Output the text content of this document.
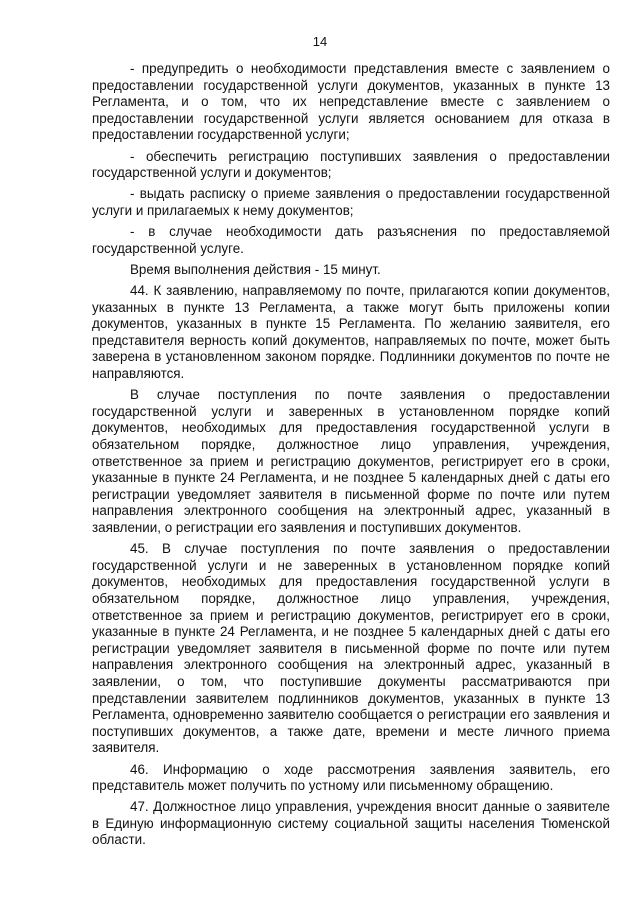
14

- предупредить о необходимости представления вместе с заявлением о предоставлении государственной услуги документов, указанных в пункте 13 Регламента, и о том, что их непредставление вместе с заявлением о предоставлении государственной услуги является основанием для отказа в предоставлении государственной услуги;

- обеспечить регистрацию поступивших заявления о предоставлении государственной услуги и документов;

- выдать расписку о приеме заявления о предоставлении государственной услуги и прилагаемых к нему документов;

- в случае необходимости дать разъяснения по предоставляемой государственной услуге.

Время выполнения действия - 15 минут.

44. К заявлению, направляемому по почте, прилагаются копии документов, указанных в пункте 13 Регламента, а также могут быть приложены копии документов, указанных в пункте 15 Регламента. По желанию заявителя, его представителя верность копий документов, направляемых по почте, может быть заверена в установленном законом порядке. Подлинники документов по почте не направляются.

В случае поступления по почте заявления о предоставлении государственной услуги и заверенных в установленном порядке копий документов, необходимых для предоставления государственной услуги в обязательном порядке, должностное лицо управления, учреждения, ответственное за прием и регистрацию документов, регистрирует его в сроки, указанные в пункте 24 Регламента, и не позднее 5 календарных дней с даты его регистрации уведомляет заявителя в письменной форме по почте или путем направления электронного сообщения на электронный адрес, указанный в заявлении, о регистрации его заявления и поступивших документов.

45. В случае поступления по почте заявления о предоставлении государственной услуги и не заверенных в установленном порядке копий документов, необходимых для предоставления государственной услуги в обязательном порядке, должностное лицо управления, учреждения, ответственное за прием и регистрацию документов, регистрирует его в сроки, указанные в пункте 24 Регламента, и не позднее 5 календарных дней с даты его регистрации уведомляет заявителя в письменной форме по почте или путем направления электронного сообщения на электронный адрес, указанный в заявлении, о том, что поступившие документы рассматриваются при представлении заявителем подлинников документов, указанных в пункте 13 Регламента, одновременно заявителю сообщается о регистрации его заявления и поступивших документов, а также дате, времени и месте личного приема заявителя.

46. Информацию о ходе рассмотрения заявления заявитель, его представитель может получить по устному или письменному обращению.

47. Должностное лицо управления, учреждения вносит данные о заявителе в Единую информационную систему социальной защиты населения Тюменской области.
